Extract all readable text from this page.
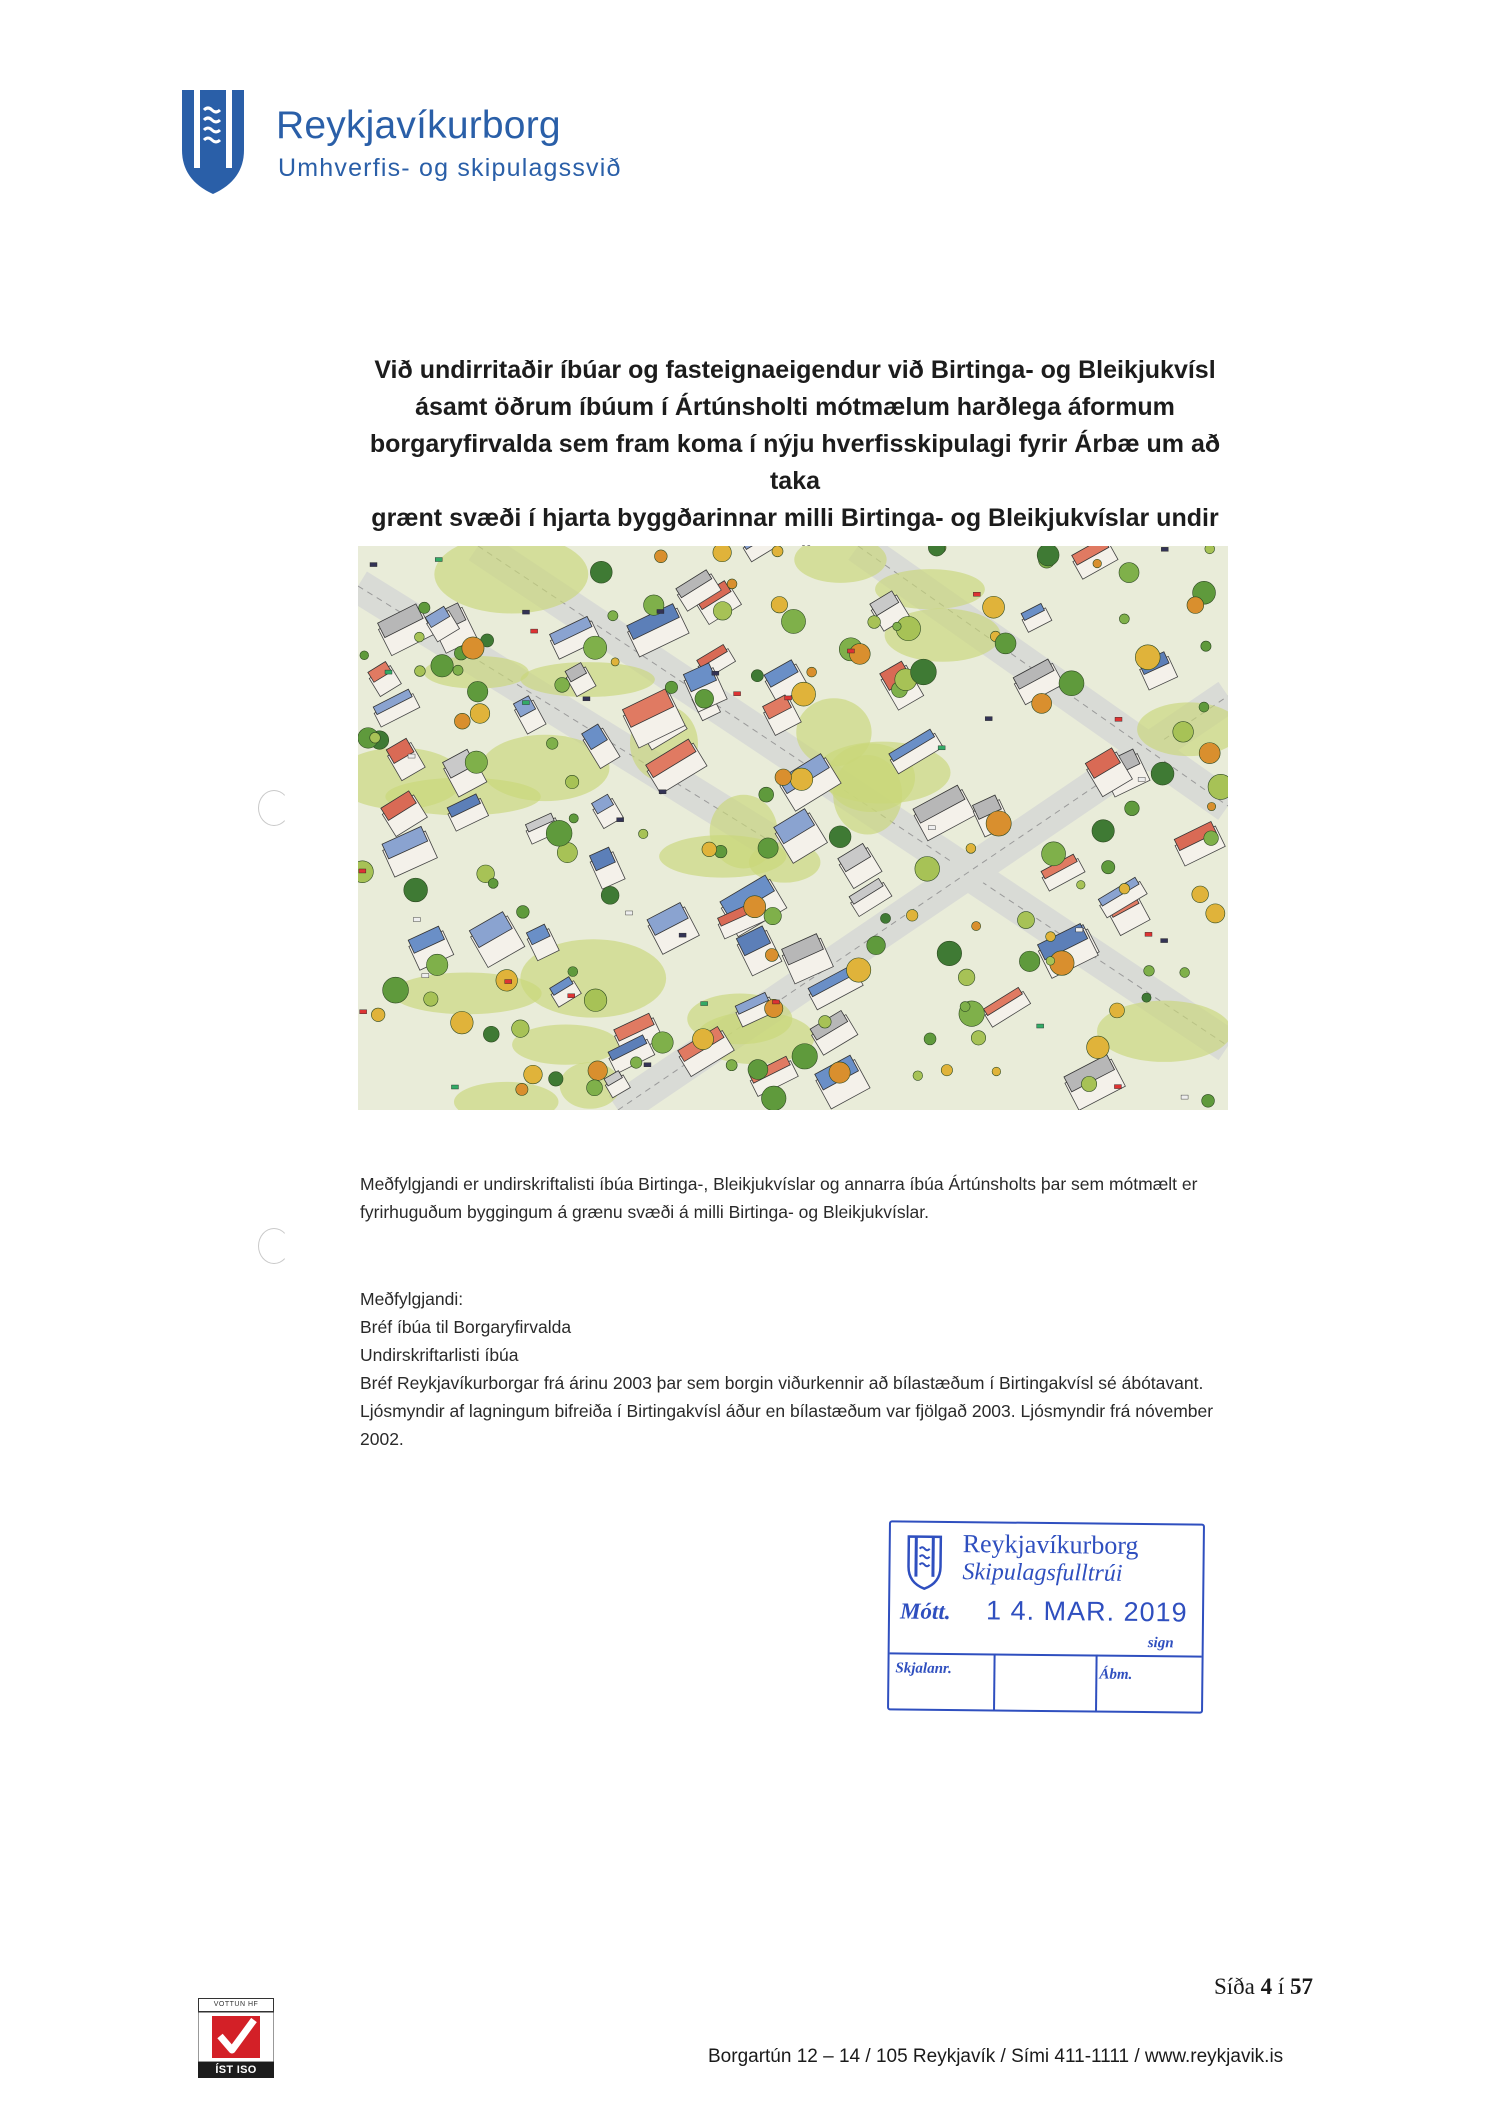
Reykjavíkurborg
Umhverfis- og skipulagssvið
Við undirritaðir íbúar og fasteignaeigendur við Birtinga- og Bleikjukvísl
ásamt öðrum íbúum í Ártúnsholti mótmælum harðlega áformum
borgaryfirvalda sem fram koma í nýju hverfisskipulagi fyrir Árbæ um að taka
grænt svæði í hjarta byggðarinnar milli Birtinga- og Bleikjukvíslar undir
Meðfylgjandi er undirskriftalisti íbúa Birtinga-, Bleikjukvíslar og annarra íbúa Ártúnsholts þar sem mótmælt er fyrirhuguðum byggingum á grænu svæði á milli Birtinga- og Bleikjukvíslar.
Meðfylgjandi:
Bréf íbúa til Borgaryfirvalda
Undirskriftarlisti íbúa
Bréf Reykjavíkurborgar frá árinu 2003 þar sem borgin viðurkennir að bílastæðum í Birtingakvísl sé ábótavant.
Ljósmyndir af lagningum bifreiða í Birtingakvísl áður en bílastæðum var fjölgað 2003. Ljósmyndir frá nóvember 2002.
Reykjavíkurborg
Skipulagsfulltrúi
Mótt. 1 4. MAR. 2019
sign
Skjalanr.	Ábm.
Síða 4 í 57
VOTTUN HF
ÍST ISO 14001
Borgartún 12 – 14 / 105 Reykjavík / Sími 411-1111 / www.reykjavik.is
